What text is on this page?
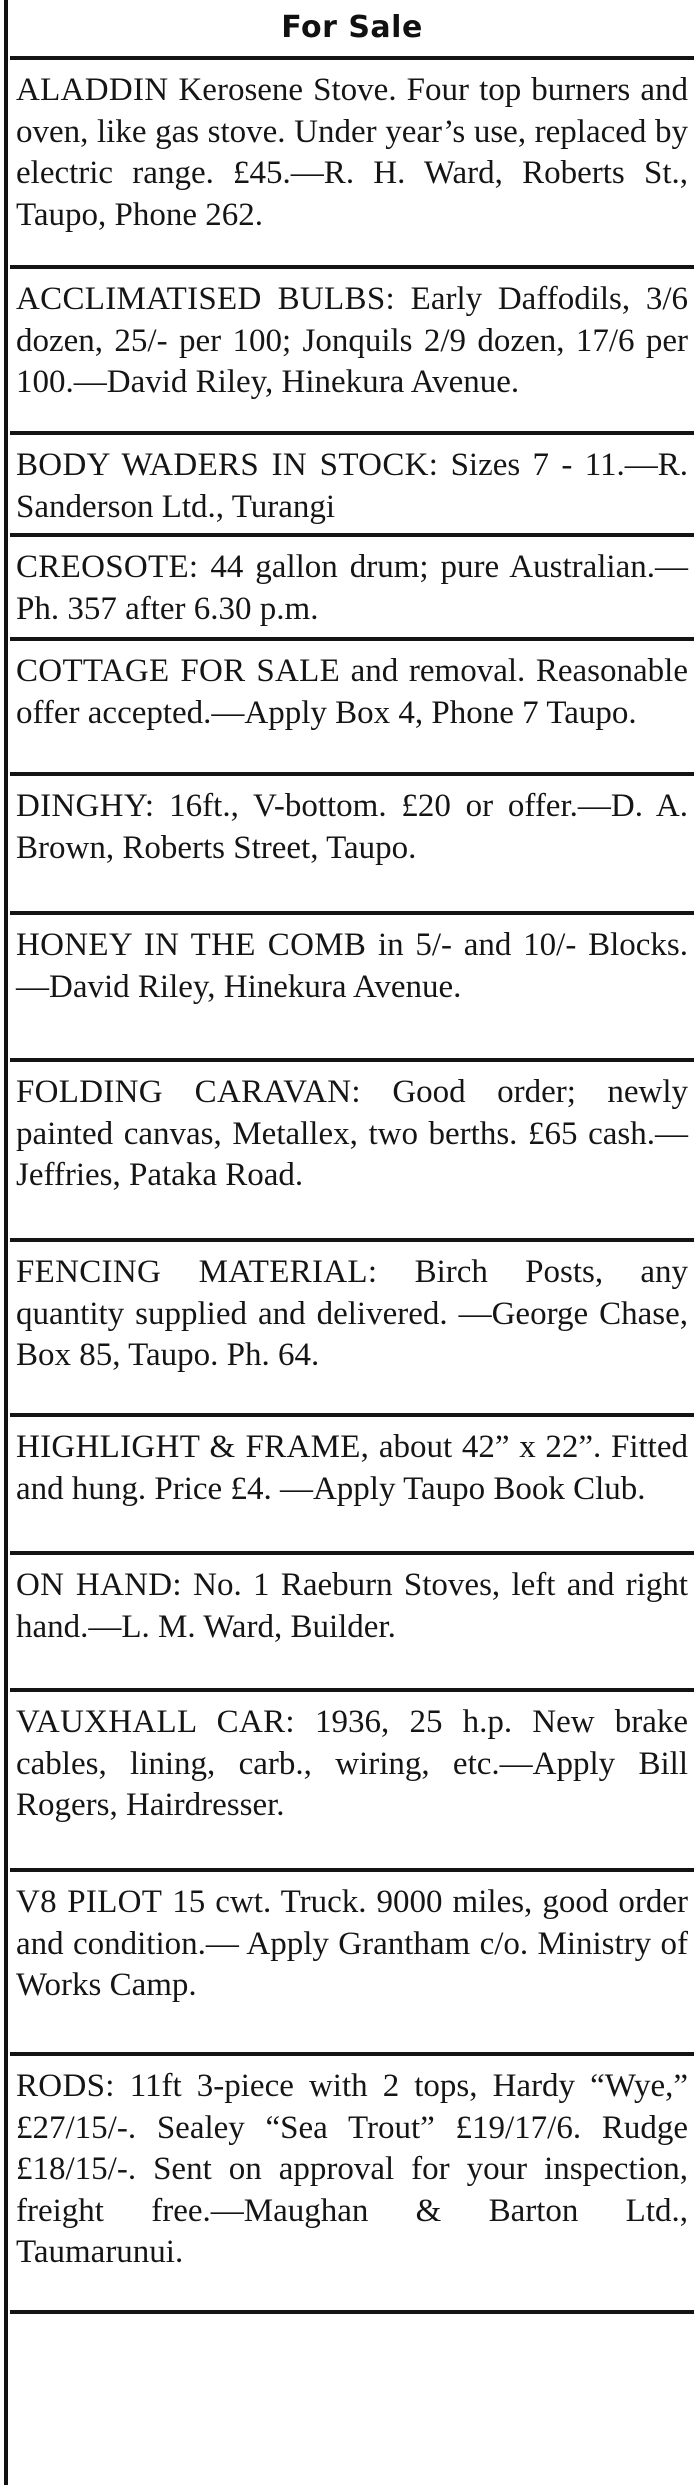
For Sale
ALADDIN Kerosene Stove. Four top burners and oven, like gas stove. Under year’s use, replaced by electric range. £45.—R. H. Ward, Roberts St., Taupo, Phone 262.
ACCLIMATISED BULBS: Early Daffodils, 3/6 dozen, 25/- per 100; Jonquils 2/9 dozen, 17/6 per 100.—David Riley, Hinekura Avenue.
BODY WADERS IN STOCK: Sizes 7 - 11.—R. Sanderson Ltd., Turangi
CREOSOTE: 44 gallon drum; pure Australian.—Ph. 357 after 6.30 p.m.
COTTAGE FOR SALE and removal. Reasonable offer accepted.—Apply Box 4, Phone 7 Taupo.
DINGHY: 16ft., V-bottom. £20 or offer.—D. A. Brown, Roberts Street, Taupo.
HONEY IN THE COMB in 5/- and 10/- Blocks.—David Riley, Hinekura Avenue.
FOLDING CARAVAN: Good order; newly painted canvas, Metallex, two berths. £65 cash.—Jeffries, Pataka Road.
FENCING MATERIAL: Birch Posts, any quantity supplied and delivered. —George Chase, Box 85, Taupo. Ph. 64.
HIGHLIGHT & FRAME, about 42” x 22”. Fitted and hung. Price £4. —Apply Taupo Book Club.
ON HAND: No. 1 Raeburn Stoves, left and right hand.—L. M. Ward, Builder.
VAUXHALL CAR: 1936, 25 h.p. New brake cables, lining, carb., wiring, etc.—Apply Bill Rogers, Hairdresser.
V8 PILOT 15 cwt. Truck. 9000 miles, good order and condition.— Apply Grantham c/o. Ministry of Works Camp.
RODS: 11ft 3-piece with 2 tops, Hardy “Wye,” £27/15/-. Sealey “Sea Trout” £19/17/6. Rudge £18/15/-. Sent on approval for your inspection, freight free.—Maughan & Barton Ltd., Taumarunui.
